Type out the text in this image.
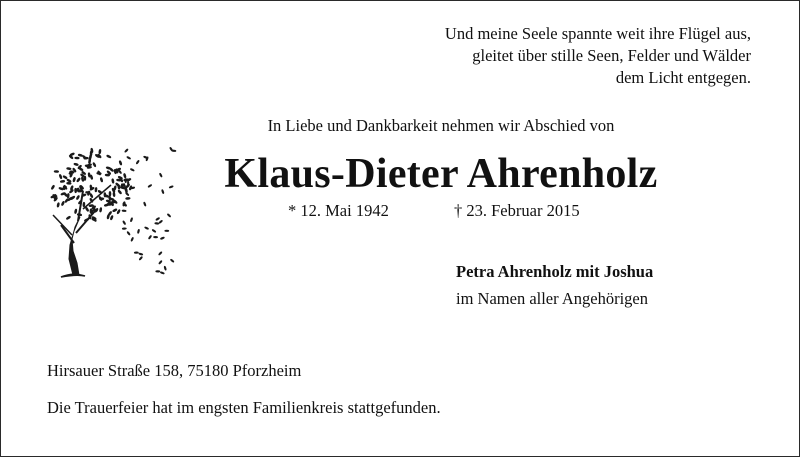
Und meine Seele spannte weit ihre Flügel aus,
gleitet über stille Seen, Felder und Wälder
dem Licht entgegen.
In Liebe und Dankbarkeit nehmen wir Abschied von
Klaus-Dieter Ahrenholz
* 12. Mai 1942	† 23. Februar 2015
Petra Ahrenholz mit Joshua
im Namen aller Angehörigen
Hirsauer Straße 158, 75180 Pforzheim
Die Trauerfeier hat im engsten Familienkreis stattgefunden.
